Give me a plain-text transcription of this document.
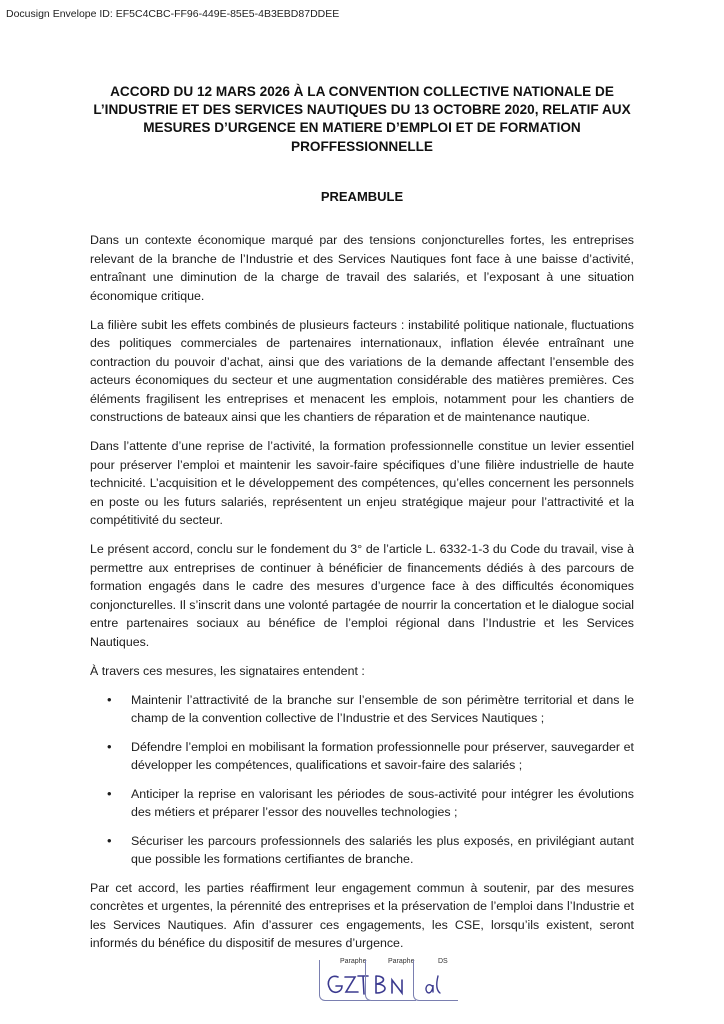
Docusign Envelope ID: EF5C4CBC-FF96-449E-85E5-4B3EBD87DDEE
ACCORD DU 12 MARS 2026 À LA CONVENTION COLLECTIVE NATIONALE DE
L’INDUSTRIE ET DES SERVICES NAUTIQUES DU 13 OCTOBRE 2020, RELATIF AUX
MESURES D’URGENCE EN MATIERE D’EMPLOI ET DE FORMATION
PROFFESSIONNELLE
PREAMBULE

Dans un contexte économique marqué par des tensions conjoncturelles fortes, les entreprises relevant de la branche de l’Industrie et des Services Nautiques font face à une baisse d’activité, entraînant une diminution de la charge de travail des salariés, et l’exposant à une situation économique critique.

La filière subit les effets combinés de plusieurs facteurs : instabilité politique nationale, fluctuations des politiques commerciales de partenaires internationaux, inflation élevée entraînant une contraction du pouvoir d’achat, ainsi que des variations de la demande affectant l’ensemble des acteurs économiques du secteur et une augmentation considérable des matières premières. Ces éléments fragilisent les entreprises et menacent les emplois, notamment pour les chantiers de constructions de bateaux ainsi que les chantiers de réparation et de maintenance nautique.

Dans l’attente d’une reprise de l’activité, la formation professionnelle constitue un levier essentiel pour préserver l’emploi et maintenir les savoir-faire spécifiques d’une filière industrielle de haute technicité. L’acquisition et le développement des compétences, qu’elles concernent les personnels en poste ou les futurs salariés, représentent un enjeu stratégique majeur pour l’attractivité et la compétitivité du secteur.

Le présent accord, conclu sur le fondement du 3° de l’article L. 6332-1-3 du Code du travail, vise à permettre aux entreprises de continuer à bénéficier de financements dédiés à des parcours de formation engagés dans le cadre des mesures d’urgence face à des difficultés économiques conjoncturelles. Il s’inscrit dans une volonté partagée de nourrir la concertation et le dialogue social entre partenaires sociaux au bénéfice de l’emploi régional dans l’Industrie et les Services Nautiques.

À travers ces mesures, les signataires entendent :

• Maintenir l’attractivité de la branche sur l’ensemble de son périmètre territorial et dans le champ de la convention collective de l’Industrie et des Services Nautiques ;
• Défendre l’emploi en mobilisant la formation professionnelle pour préserver, sauvegarder et développer les compétences, qualifications et savoir-faire des salariés ;
• Anticiper la reprise en valorisant les périodes de sous-activité pour intégrer les évolutions des métiers et préparer l’essor des nouvelles technologies ;
• Sécuriser les parcours professionnels des salariés les plus exposés, en privilégiant autant que possible les formations certifiantes de branche.

Par cet accord, les parties réaffirment leur engagement commun à soutenir, par des mesures concrètes et urgentes, la pérennité des entreprises et la préservation de l’emploi dans l’Industrie et les Services Nautiques. Afin d’assurer ces engagements, les CSE, lorsqu’ils existent, seront informés du bénéfice du dispositif de mesures d’urgence.

Paraphe	Paraphe	DS
